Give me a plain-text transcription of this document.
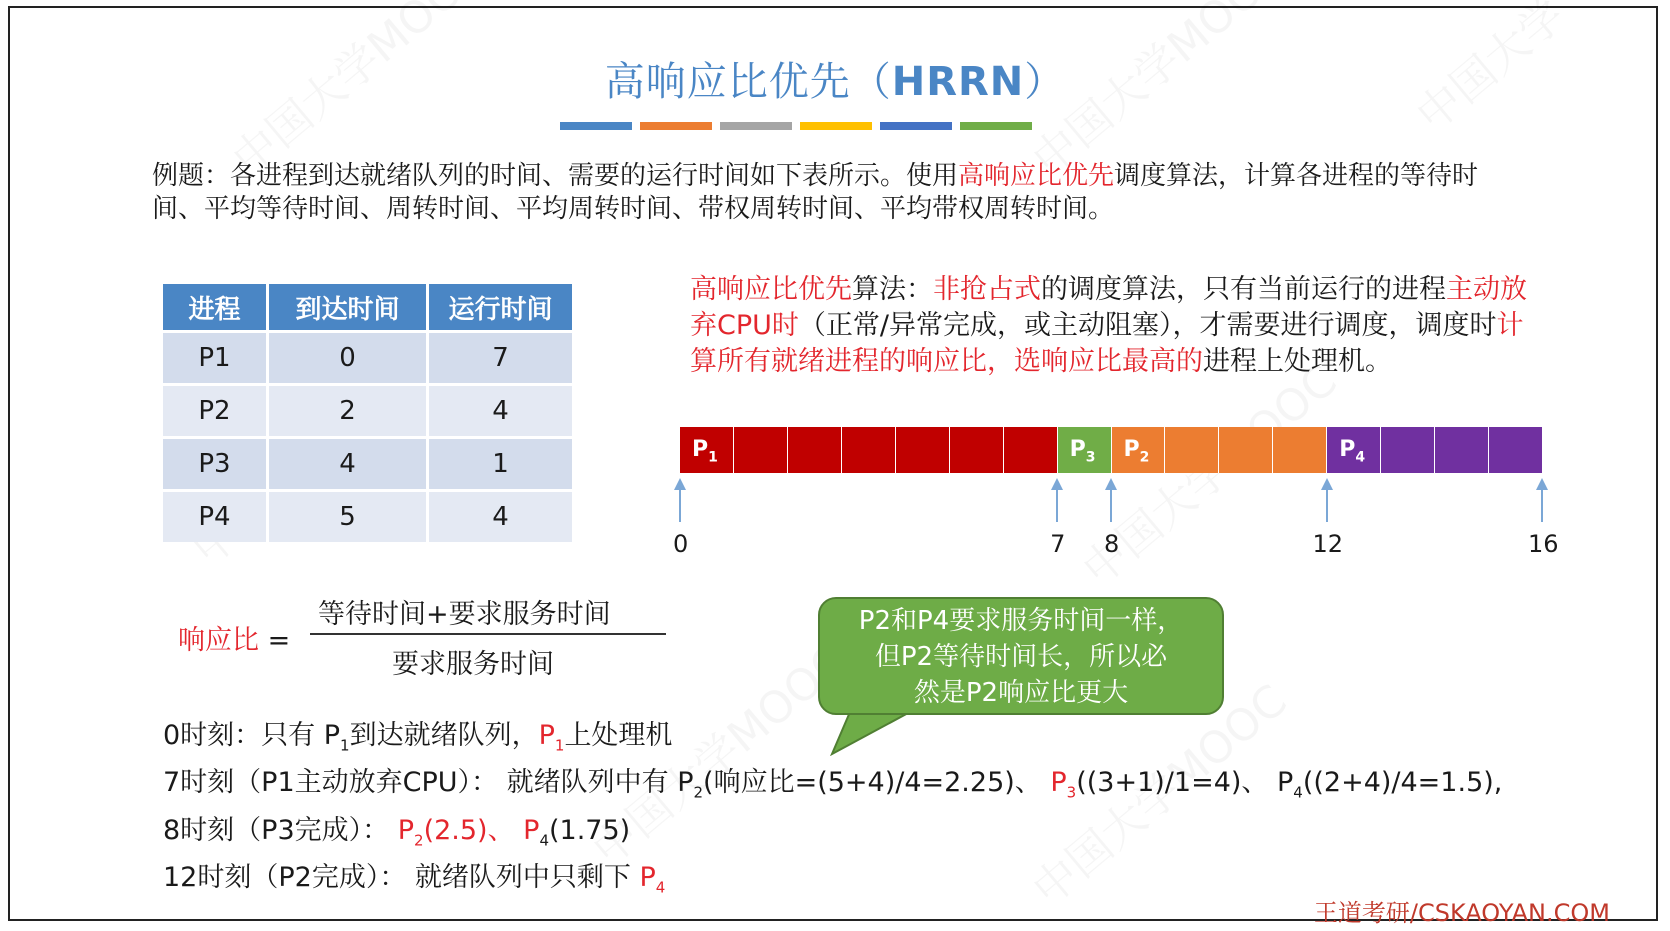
高响应比优先（HRRN）
例题：各进程到达就绪队列的时间、需要的运行时间如下表所示。使用高响应比优先调度算法，计算各进程的等待时间、平均等待时间、周转时间、平均周转时间、带权周转时间、平均带权周转时间。
进程	到达时间	运行时间
P1	0	7
P2	2	4
P3	4	1
P4	5	4
高响应比优先算法：非抢占式的调度算法，只有当前运行的进程主动放弃CPU时（正常/异常完成，或主动阻塞），才需要进行调度，调度时计算所有就绪进程的响应比，选响应比最高的进程上处理机。
$P_1$	$P_3$	$P_2$	$P_4$
0	7 8	12	16
响应比 =
等待时间+要求服务时间
要求服务时间
P2和P4要求服务时间一样，
但P2等待时间长，所以必
然是P2响应比更大
0时刻：只有 $P_1$到达就绪队列，$P_1$上处理机
7时刻（P1主动放弃CPU）： 就绪队列中有 $P_2$(响应比=(5+4)/4=2.25)、 $P_3((3+1)/1=4)$、 $P_4((2+4)/4=1.5)$,
8时刻（P3完成）： $P_2(2.5)$、 $P_4(1.75)$
12时刻（P2完成）： 就绪队列中只剩下 $P_4$
王道考研/CSKAOYAN.COM
